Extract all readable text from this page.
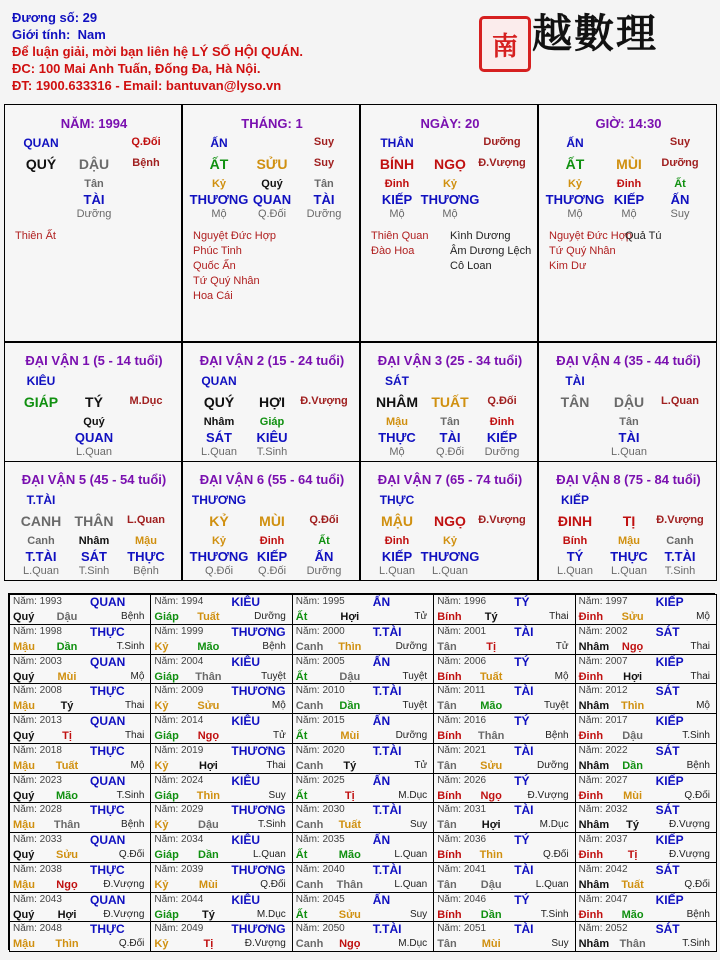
Đương số: 29
Giới tính: Nam
Để luận giải, mời bạn liên hệ LÝ SỐ HỘI QUÁN.
ĐC: 100 Mai Anh Tuấn, Đống Đa, Hà Nội.
ĐT: 1900.633316 - Email: bantuvan@lyso.vn
南 越數理
NĂM: 1994
QUAN	Q.Đối
QUÝ DẬU Bệnh
Tân
TÀI
Dưỡng
Thiên Ất
THÁNG: 1
ẤN	Suy
ẤT SỬU Suy
Kỷ
THƯƠNG
Mộ
Quý
QUAN
Q.Đối
Tân
TÀI
Dưỡng
Nguyệt Đức Hợp
Phúc Tinh
Quốc Ấn
Tứ Quý Nhân
Hoa Cái
NGÀY: 20
THÂN	Dưỡng
BÍNH NGỌ Đ.Vượng
Đinh
KIẾP
Mộ
Kỷ
THƯƠNG
Mộ
Thiên Quan
Đào Hoa
Kình Dương
Âm Dương Lệch
Cô Loan
GIỜ: 14:30
ẤN	Suy
ẤT MÙI Dưỡng
Kỷ
THƯƠNG
Mộ
Đinh
KIẾP
Mộ
Ất
ẤN
Suy
Nguyệt Đức Hợp
Tứ Quý Nhân
Kim Dư
Quả Tú
ĐẠI VẬN 1 (5 - 14 tuổi)
KIÊU
GIÁP TÝ M.Dục
Quý
QUAN
L.Quan
ĐẠI VẬN 2 (15 - 24 tuổi)
QUAN
QUÝ HỢI Đ.Vượng
Nhâm
SÁT
L.Quan
Giáp
KIÊU
T.Sinh
ĐẠI VẬN 3 (25 - 34 tuổi)
SÁT
NHÂM TUẤT Q.Đối
Mậu
THỰC
Mộ
Tân
TÀI
Q.Đối
Đinh
KIẾP
Dưỡng
ĐẠI VẬN 4 (35 - 44 tuổi)
TÀI
TÂN DẬU L.Quan
Tân
TÀI
L.Quan
ĐẠI VẬN 5 (45 - 54 tuổi)
T.TÀI
CANH THÂN L.Quan
Canh
T.TÀI
L.Quan
Nhâm
SÁT
T.Sinh
Mậu
THỰC
Bệnh
ĐẠI VẬN 6 (55 - 64 tuổi)
THƯƠNG
KỶ MÙI Q.Đối
Kỷ
THƯƠNG
Q.Đối
Đinh
KIẾP
Q.Đối
Ất
ẤN
Dưỡng
ĐẠI VẬN 7 (65 - 74 tuổi)
THỰC
MẬU NGỌ Đ.Vượng
Đinh
KIẾP
L.Quan
Kỷ
THƯƠNG
L.Quan
ĐẠI VẬN 8 (75 - 84 tuổi)
KIẾP
ĐINH TỊ Đ.Vượng
Bính
TÝ
L.Quan
Mậu
THỰC
L.Quan
Canh
T.TÀI
T.Sinh
Năm: 1993 QUAN
Quý Dậu	Bệnh
Năm: 1994 KIÊU
Giáp Tuất	Dưỡng
Năm: 1995 ẤN
Ất	Hợi	Tử
Năm: 1996 TÝ
Bính Tý	Thai
Năm: 1997 KIẾP
Đinh Sửu	Mộ
Năm: 1998 THỰC
Mậu Dần	T.Sinh
Năm: 1999 THƯƠNG
Kỷ	Mão	Bệnh
Năm: 2000 T.TÀI
Canh Thìn	Dưỡng
Năm: 2001 TÀI
Tân	Tị	Tử
Năm: 2002 SÁT
Nhâm Ngọ	Thai
Năm: 2003 QUAN
Quý Mùi	Mộ
Năm: 2004 KIÊU
Giáp Thân	Tuyệt
Năm: 2005 ẤN
Ất	Dậu	Tuyệt
Năm: 2006 TÝ
Bính Tuất	Mộ
Năm: 2007 KIẾP
Đinh Hợi	Thai
Năm: 2008 THỰC
Mậu Tý	Thai
Năm: 2009 THƯƠNG
Kỷ	Sửu	Mộ
Năm: 2010 T.TÀI
Canh Dần	Tuyệt
Năm: 2011 TÀI
Tân Mão	Tuyệt
Năm: 2012 SÁT
Nhâm Thìn	Mộ
Năm: 2013 QUAN
Quý	Tị	Thai
Năm: 2014 KIÊU
Giáp Ngọ	Tử
Năm: 2015 ẤN
Ất	Mùi	Dưỡng
Năm: 2016 TÝ
Bính Thân	Bệnh
Năm: 2017 KIẾP
Đinh Dậu	T.Sinh
Năm: 2018 THỰC
Mậu Tuất	Mộ
Năm: 2019 THƯƠNG
Kỷ	Hợi	Thai
Năm: 2020 T.TÀI
Canh Tý	Tử
Năm: 2021 TÀI
Tân Sửu	Dưỡng
Năm: 2022 SÁT
Nhâm Dần	Bệnh
Năm: 2023 QUAN
Quý Mão	T.Sinh
Năm: 2024 KIÊU
Giáp Thìn	Suy
Năm: 2025 ẤN
Ất	Tị	M.Dục
Năm: 2026 TÝ
Bính Ngọ	Đ.Vượng
Năm: 2027 KIẾP
Đinh Mùi	Q.Đối
Năm: 2028 THỰC
Mậu Thân	Bệnh
Năm: 2029 THƯƠNG
Kỷ	Dậu	T.Sinh
Năm: 2030 T.TÀI
Canh Tuất	Suy
Năm: 2031 TÀI
Tân Hợi	M.Dục
Năm: 2032 SÁT
Nhâm Tý	Đ.Vượng
Năm: 2033 QUAN
Quý Sửu	Q.Đối
Năm: 2034 KIÊU
Giáp Dần	L.Quan
Năm: 2035 ẤN
Ất	Mão	L.Quan
Năm: 2036 TÝ
Bính Thìn	Q.Đối
Năm: 2037 KIẾP
Đinh Tị	Đ.Vượng
Năm: 2038 THỰC
Mậu Ngọ	Đ.Vượng
Năm: 2039 THƯƠNG
Kỷ	Mùi	Q.Đối
Năm: 2040 T.TÀI
Canh Thân	L.Quan
Năm: 2041 TÀI
Tân Dậu	L.Quan
Năm: 2042 SÁT
Nhâm Tuất	Q.Đối
Năm: 2043 QUAN
Quý Hợi	Đ.Vượng
Năm: 2044 KIÊU
Giáp Tý	M.Dục
Năm: 2045 ẤN
Ất	Sửu	Suy
Năm: 2046 TÝ
Bính Dần	T.Sinh
Năm: 2047 KIẾP
Đinh Mão	Bệnh
Năm: 2048 THỰC
Mậu Thìn	Q.Đối
Năm: 2049 THƯƠNG
Kỷ	Tị	Đ.Vượng
Năm: 2050 T.TÀI
Canh Ngọ	M.Dục
Năm: 2051 TÀI
Tân Mùi	Suy
Năm: 2052 SÁT
Nhâm Thân	T.Sinh
